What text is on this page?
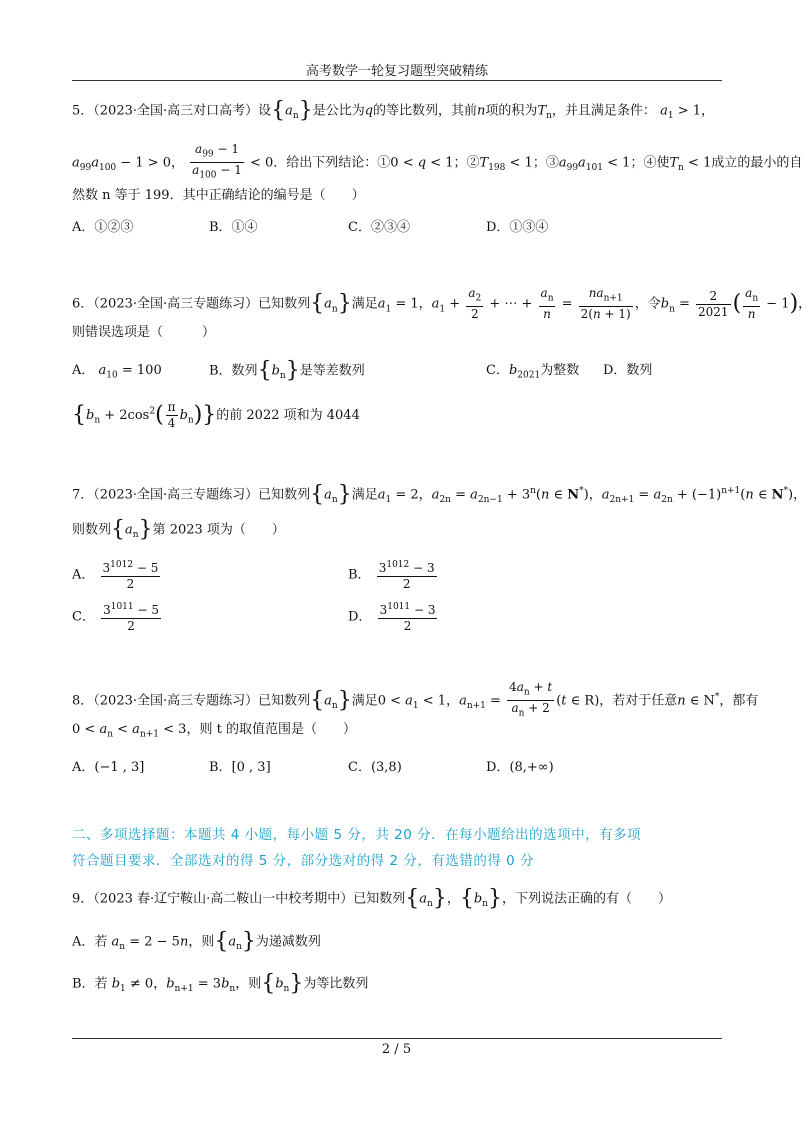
高考数学一轮复习题型突破精练
5．（2023·全国·高三对口高考）设$\{a_n\}$是公比为q的等比数列，其前n项的积为$T_n$，并且满足条件： $a_1 > 1$，
$a_{99}a_{100} - 1 > 0$， $\frac{a_{99} - 1}{a_{100} - 1} < 0$．给出下列结论：①0 < q < 1；$②T_{198} < 1$；$③a_{99}a_{101} < 1$；④使$T_n < 1$成立的最小的自
然数 n 等于 199．其中正确结论的编号是（　　）
A．①②③	B．①④	C．②③④	D．①③④
6．（2023·全国·高三专题练习）已知数列$\{a_n\}$满足$a_1 = 1$，$a_1 + \frac{a_2}{2}$ + ⋯ + $\frac{a_n}{n} = \frac{na_{n+1}}{2(n + 1)}$ ，令$b_n = \frac{2}{2021}$ ( $\frac{a_n}{n} - 1$)，
则错误选项是（　　　）
A． $a_{10} = 100$	B．数列$\{b_n\}$是等差数列	C．$b_{2021}$为整数 D．数列
$\{b_n + 2\cos^2( \frac{\pi}{4} b_n)\}$的前 2022 项和为 4044
7．（2023·全国·高三专题练习）已知数列$\{a_n\}$满足$a_1 = 2$，$a_{2n} = a_{2n-1} + 3^n(n$ ∈ N*)，$a_{2n+1} = a_{2n} + (-1)^{n+1}(n$ ∈ N*)，
则数列$\{a_n\}$第 2023 项为（　　）
A． $\frac{3^{1012} - 5}{2}$	B． $\frac{3^{1012} - 3}{2}$
C． $\frac{3^{1011} - 5}{2}$	D． $\frac{3^{1011} - 3}{2}$
8．（2023·全国·高三专题练习）已知数列$\{a_n\}$满足$0 < a_1 < 1$，$a_{n+1} = \frac{4a_n + t}{a_n + 2} (t$ ∈ R)，若对于任意n ∈ N*，都有
$0 < a_n < a_{n+1} < 3$，则 t 的取值范围是（　　）
A．(−1 , 3]	B．[0 , 3]	C．(3,8)	D．(8,+∞)
二、多项选择题：本题共 4 小题，每小题 5 分，共 20 分．在每小题给出的选项中，有多项
符合题目要求．全部选对的得 5 分，部分选对的得 2 分，有选错的得 0 分
9．（2023 春·辽宁鞍山·高二鞍山一中校考期中）已知数列$\{a_n\}$，$\{b_n\}$，下列说法正确的有（　　）
A．若 $a_n = 2 - 5n$，则$\{a_n\}$为递减数列
B．若 $b_1 \ne 0$，$b_{n+1} = 3b_n$，则$\{b_n\}$为等比数列
2 / 5
